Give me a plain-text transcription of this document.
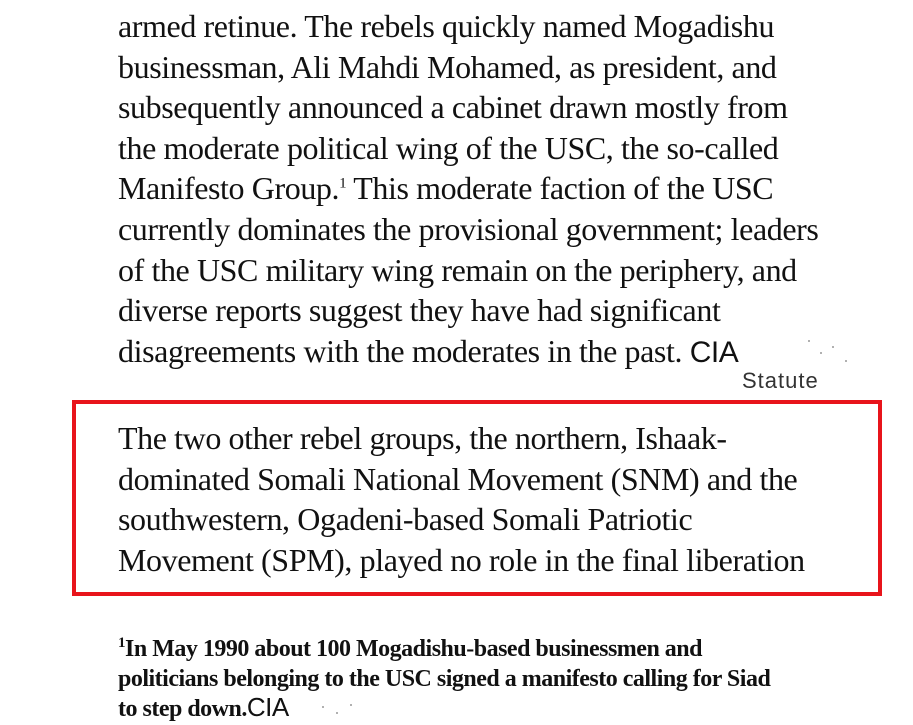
armed retinue. The rebels quickly named Mogadishu
businessman, Ali Mahdi Mohamed, as president, and
subsequently announced a cabinet drawn mostly from
the moderate political wing of the USC, the so-called
Manifesto Group.$^1$ This moderate faction of the USC
currently dominates the provisional government; leaders
of the USC military wing remain on the periphery, and
diverse reports suggest they have had significant
disagreements with the moderates in the past. CIA
Statute
The two other rebel groups, the northern, Ishaak-
dominated Somali National Movement (SNM) and the
southwestern, Ogadeni-based Somali Patriotic
Movement (SPM), played no role in the final liberation
$^1$In May 1990 about 100 Mogadishu-based businessmen and
politicians belonging to the USC signed a manifesto calling for Siad
to step down.CIA
